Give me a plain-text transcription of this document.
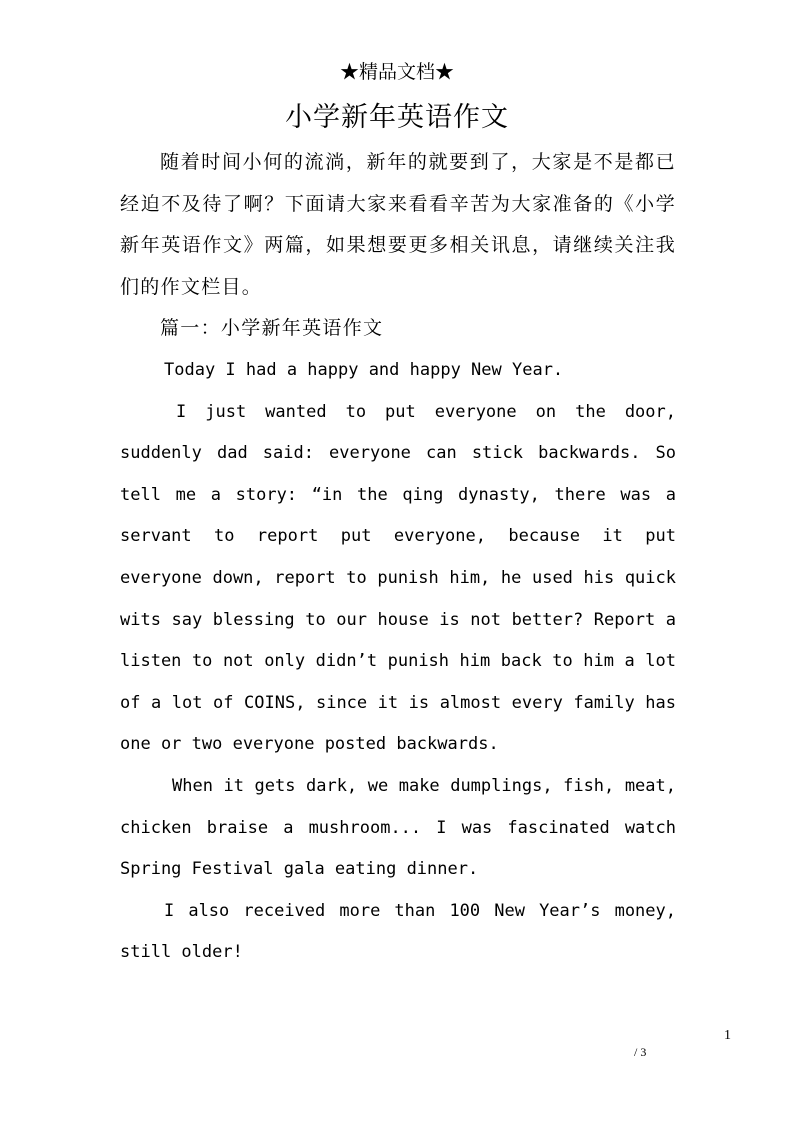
★精品文档★
小学新年英语作文

随着时间小何的流淌，新年的就要到了，大家是不是都已经迫不及待了啊？下面请大家来看看辛苦为大家准备的《小学新年英语作文》两篇，如果想要更多相关讯息，请继续关注我们的作文栏目。

篇一：小学新年英语作文

Today I had a happy and happy New Year.

I just wanted to put everyone on the door, suddenly dad said: everyone can stick backwards. So tell me a story: “in the qing dynasty, there was a servant to report put everyone, because it put everyone down, report to punish him, he used his quick wits say blessing to our house is not better? Report a listen to not only didn’t punish him back to him a lot of a lot of COINS, since it is almost every family has one or two everyone posted backwards.

When it gets dark, we make dumplings, fish, meat, chicken braise a mushroom... I was fascinated watch Spring Festival gala eating dinner.

I also received more than 100 New Year’s money, still older!

1
/ 3
